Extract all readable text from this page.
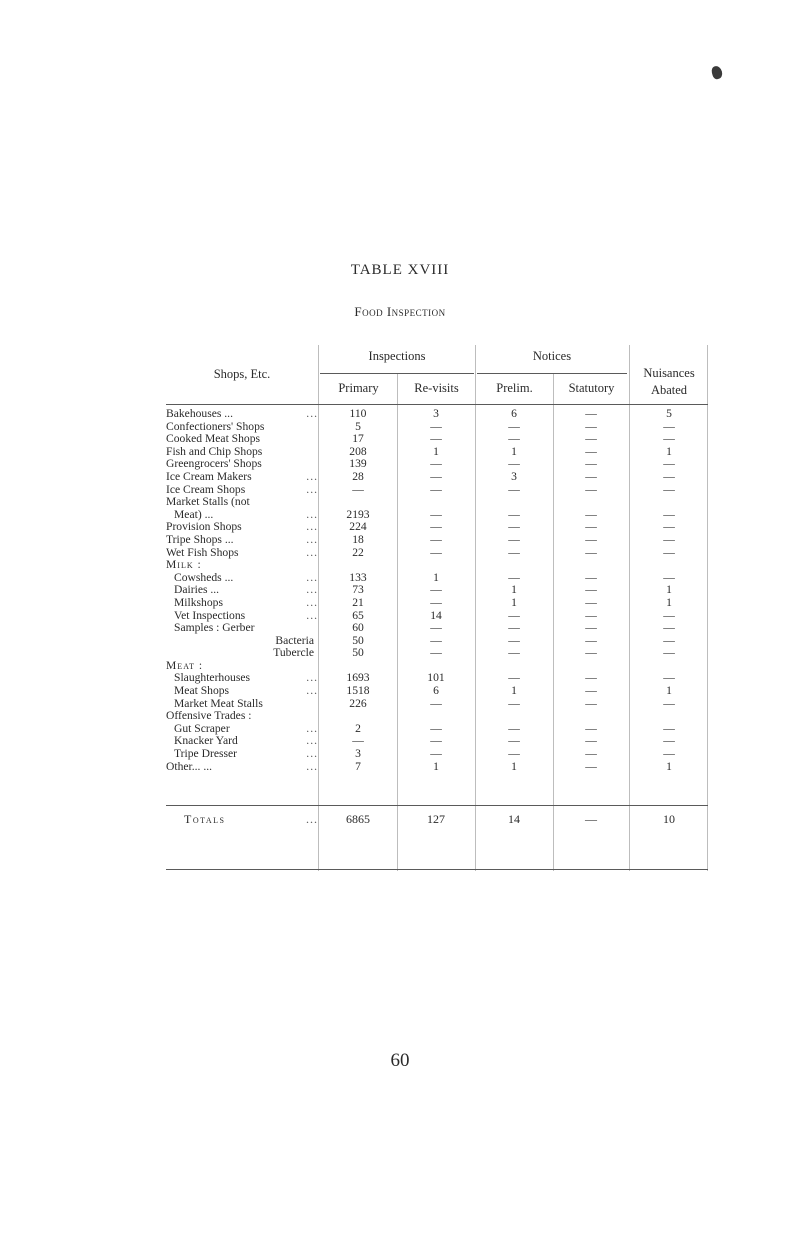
TABLE XVIII
Food Inspection
Shops, Etc.
Inspections
Primary	Re-visits
Notices
Prelim.	Statutory
Nuisances
Abated
Bakehouses ... ...	110	3	6	—	5
Confectioners' Shops	5	—	—	—	—
Cooked Meat Shops	17	—	—	—	—
Fish and Chip Shops	208	1	1	—	1
Greengrocers' Shops	139	—	—	—	—
Ice Cream Makers ...	28	—	3	—	—
Ice Cream Shops ...	—	—	—	—	—
Market Stalls (not
Meat) ... ...	2193	—	—	—	—
Provision Shops ...	224	—	—	—	—
Tripe Shops ... ...	18	—	—	—	—
Wet Fish Shops ...	22	—	—	—	—
Milk :
Cowsheds ... ...	133	1	—	—	—
Dairies ... ...	73	—	1	—	1
Milkshops ...	21	—	1	—	1
Vet Inspections ...	65	14	—	—	—
Samples : Gerber	60	—	—	—	—
Bacteria	50	—	—	—	—
Tubercle	50	—	—	—	—
Meat :
Slaughterhouses ...	1693	101	—	—	—
Meat Shops ...	1518	6	1	—	1
Market Meat Stalls	226	—	—	—	—
Offensive Trades :
Gut Scraper ...	2	—	—	—	—
Knacker Yard ...	—	—	—	—	—
Tripe Dresser ...	3	—	—	—	—
Other... ... ...	7	1	1	—	1
Totals ...	6865	127	14	—	10
60
